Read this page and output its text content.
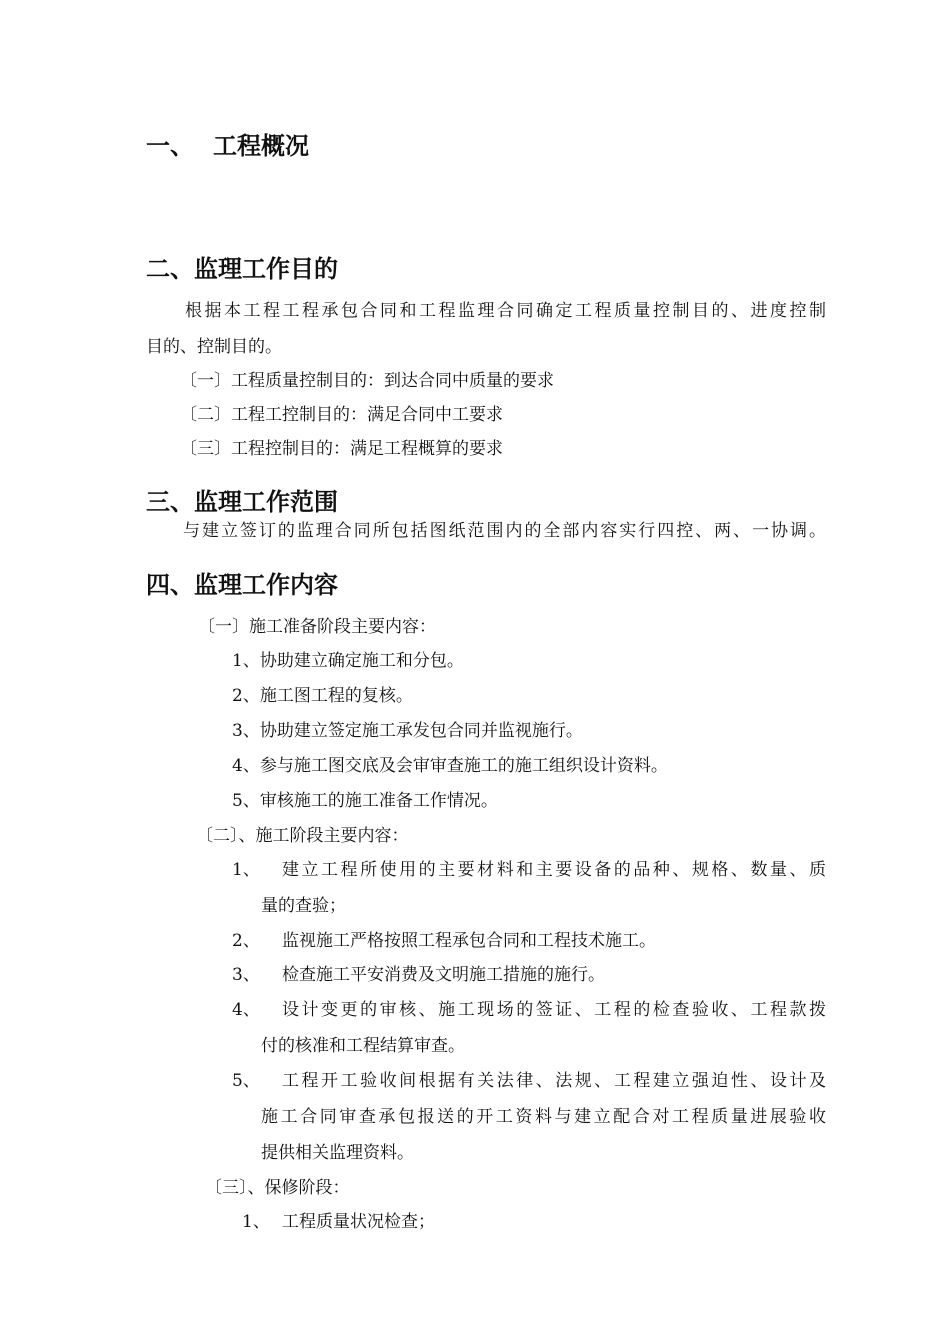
一、 工程概况
二、监理工作目的
根据本工程工程承包合同和工程监理合同确定工程质量控制目的、进度控制
目的、控制目的。
〔一〕工程质量控制目的：到达合同中质量的要求
〔二〕工程工控制目的：满足合同中工要求
〔三〕工程控制目的：满足工程概算的要求
三、监理工作范围
与建立签订的监理合同所包括图纸范围内的全部内容实行四控、两、一协调。
四、监理工作内容
〔一〕施工准备阶段主要内容：
1、协助建立确定施工和分包。
2、施工图工程的复核。
3、协助建立签定施工承发包合同并监视施行。
4、参与施工图交底及会审审查施工的施工组织设计资料。
5、审核施工的施工准备工作情况。
〔二〕、施工阶段主要内容：
1、 建立工程所使用的主要材料和主要设备的品种、规格、数量、质
量的查验；
2、 监视施工严格按照工程承包合同和工程技术施工。
3、 检查施工平安消费及文明施工措施的施行。
4、 设计变更的审核、施工现场的签证、工程的检查验收、工程款拨
付的核准和工程结算审查。
5、 工程开工验收间根据有关法律、法规、工程建立强迫性、设计及
施工合同审查承包报送的开工资料与建立配合对工程质量进展验收
提供相关监理资料。
〔三〕、保修阶段：
1、 工程质量状况检查；
